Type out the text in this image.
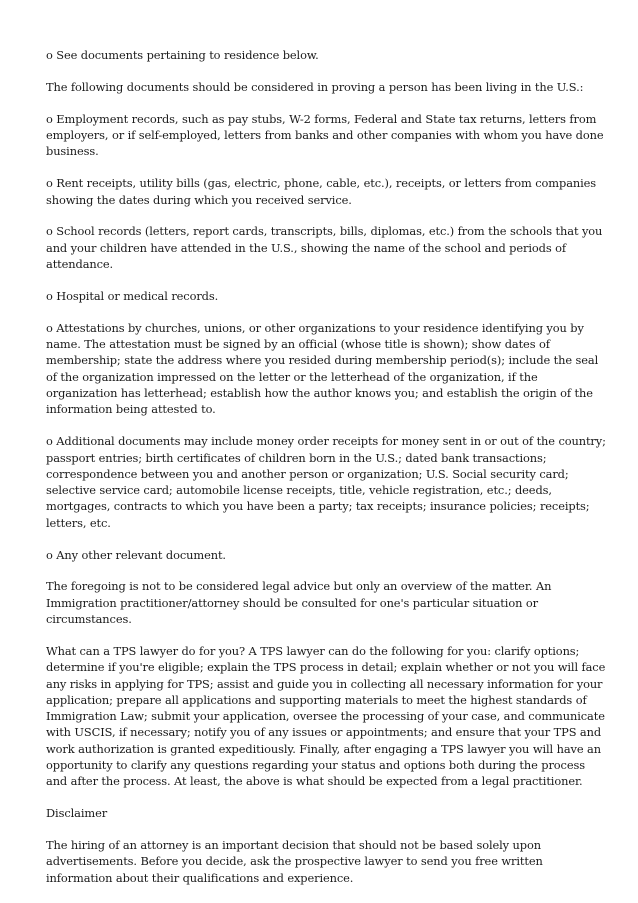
o See documents pertaining to residence below.

The following documents should be considered in proving a person has been living in the U.S.:

o Employment records, such as pay stubs, W-2 forms, Federal and State tax returns, letters from employers, or if self-employed, letters from banks and other companies with whom you have done business.

o Rent receipts, utility bills (gas, electric, phone, cable, etc.), receipts, or letters from companies showing the dates during which you received service.

o School records (letters, report cards, transcripts, bills, diplomas, etc.) from the schools that you and your children have attended in the U.S., showing the name of the school and periods of attendance.

o Hospital or medical records.

o Attestations by churches, unions, or other organizations to your residence identifying you by name. The attestation must be signed by an official (whose title is shown); show dates of membership; state the address where you resided during membership period(s); include the seal of the organization impressed on the letter or the letterhead of the organization, if the organization has letterhead; establish how the author knows you; and establish the origin of the information being attested to.

o Additional documents may include money order receipts for money sent in or out of the country; passport entries; birth certificates of children born in the U.S.; dated bank transactions; correspondence between you and another person or organization; U.S. Social security card; selective service card; automobile license receipts, title, vehicle registration, etc.; deeds, mortgages, contracts to which you have been a party; tax receipts; insurance policies; receipts; letters, etc.

o Any other relevant document.

The foregoing is not to be considered legal advice but only an overview of the matter. An Immigration practitioner/attorney should be consulted for one's particular situation or circumstances.

What can a TPS lawyer do for you? A TPS lawyer can do the following for you: clarify options; determine if you're eligible; explain the TPS process in detail; explain whether or not you will face any risks in applying for TPS; assist and guide you in collecting all necessary information for your application; prepare all applications and supporting materials to meet the highest standards of Immigration Law; submit your application, oversee the processing of your case, and communicate with USCIS, if necessary; notify you of any issues or appointments; and ensure that your TPS and work authorization is granted expeditiously. Finally, after engaging a TPS lawyer you will have an opportunity to clarify any questions regarding your status and options both during the process and after the process. At least, the above is what should be expected from a legal practitioner.

Disclaimer

The hiring of an attorney is an important decision that should not be based solely upon advertisements. Before you decide, ask the prospective lawyer to send you free written information about their qualifications and experience.
